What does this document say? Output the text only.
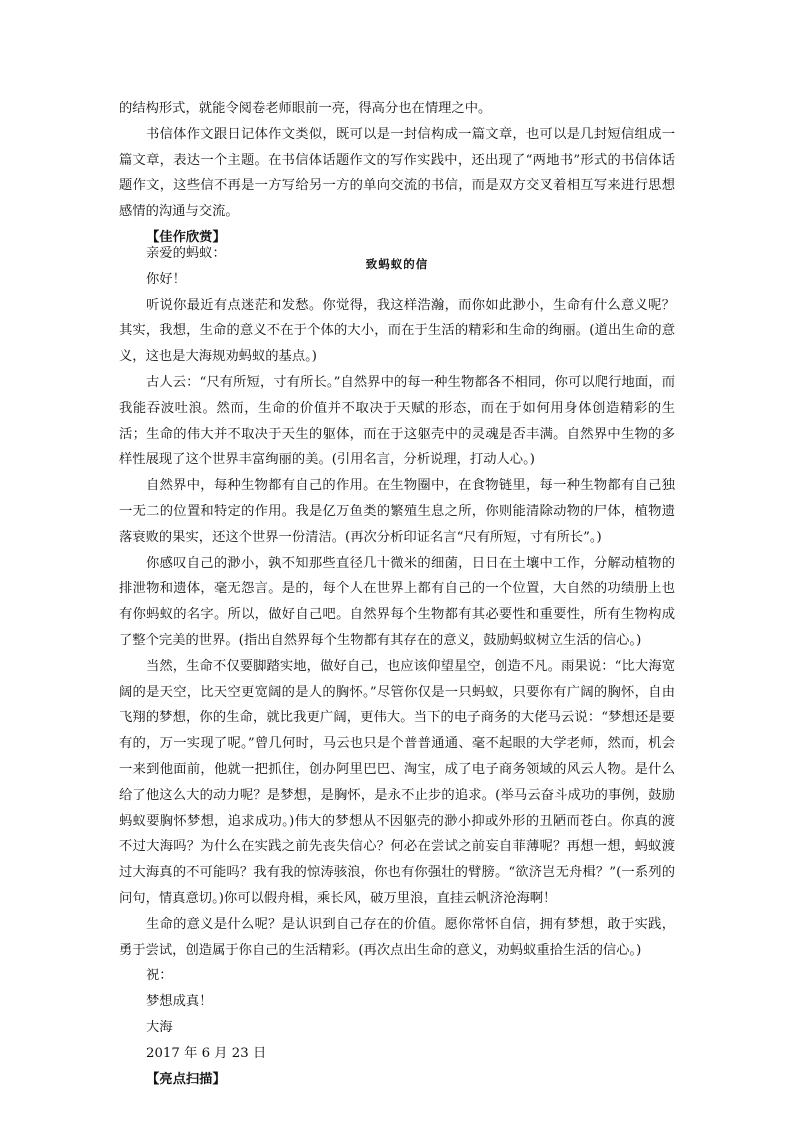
的结构形式，就能令阅卷老师眼前一亮，得高分也在情理之中。

书信体作文跟日记体作文类似，既可以是一封信构成一篇文章，也可以是几封短信组成一篇文章，表达一个主题。在书信体话题作文的写作实践中，还出现了“两地书”形式的书信体话题作文，这些信不再是一方写给另一方的单向交流的书信，而是双方交叉着相互写来进行思想感情的沟通与交流。

【佳作欣赏】

致蚂蚁的信

亲爱的蚂蚁：

你好！

听说你最近有点迷茫和发愁。你觉得，我这样浩瀚，而你如此渺小，生命有什么意义呢？其实，我想，生命的意义不在于个体的大小，而在于生活的精彩和生命的绚丽。(道出生命的意义，这也是大海规劝蚂蚁的基点。)

古人云：“尺有所短，寸有所长。”自然界中的每一种生物都各不相同，你可以爬行地面，而我能吞波吐浪。然而，生命的价值并不取决于天赋的形态，而在于如何用身体创造精彩的生活；生命的伟大并不取决于天生的躯体，而在于这躯壳中的灵魂是否丰满。自然界中生物的多样性展现了这个世界丰富绚丽的美。(引用名言，分析说理，打动人心。)

自然界中，每种生物都有自己的作用。在生物圈中，在食物链里，每一种生物都有自己独一无二的位置和特定的作用。我是亿万鱼类的繁殖生息之所，你则能清除动物的尸体，植物遗落衰败的果实，还这个世界一份清洁。(再次分析印证名言“尺有所短，寸有所长”。)

你感叹自己的渺小，孰不知那些直径几十微米的细菌，日日在土壤中工作，分解动植物的排泄物和遗体，毫无怨言。是的，每个人在世界上都有自己的一个位置，大自然的功绩册上也有你蚂蚁的名字。所以，做好自己吧。自然界每个生物都有其必要性和重要性，所有生物构成了整个完美的世界。(指出自然界每个生物都有其存在的意义，鼓励蚂蚁树立生活的信心。)

当然，生命不仅要脚踏实地，做好自己，也应该仰望星空，创造不凡。雨果说：“比大海宽阔的是天空，比天空更宽阔的是人的胸怀。”尽管你仅是一只蚂蚁，只要你有广阔的胸怀，自由飞翔的梦想，你的生命，就比我更广阔，更伟大。当下的电子商务的大佬马云说：“梦想还是要有的，万一实现了呢。”曾几何时，马云也只是个普普通通、毫不起眼的大学老师，然而，机会一来到他面前，他就一把抓住，创办阿里巴巴、淘宝，成了电子商务领域的风云人物。是什么给了他这么大的动力呢？是梦想，是胸怀，是永不止步的追求。(举马云奋斗成功的事例，鼓励蚂蚁要胸怀梦想，追求成功。)伟大的梦想从不因躯壳的渺小抑或外形的丑陋而苍白。你真的渡不过大海吗？为什么在实践之前先丧失信心？何必在尝试之前妄自菲薄呢？再想一想，蚂蚁渡过大海真的不可能吗？我有我的惊涛骇浪，你也有你强壮的臂膀。“欲济岂无舟楫？”(一系列的问句，情真意切。)你可以假舟楫，乘长风，破万里浪，直挂云帆济沧海啊！

生命的意义是什么呢？是认识到自己存在的价值。愿你常怀自信，拥有梦想，敢于实践，勇于尝试，创造属于你自己的生活精彩。(再次点出生命的意义，劝蚂蚁重拾生活的信心。)

祝：

梦想成真！

大海

2017 年 6 月 23 日

【亮点扫描】
